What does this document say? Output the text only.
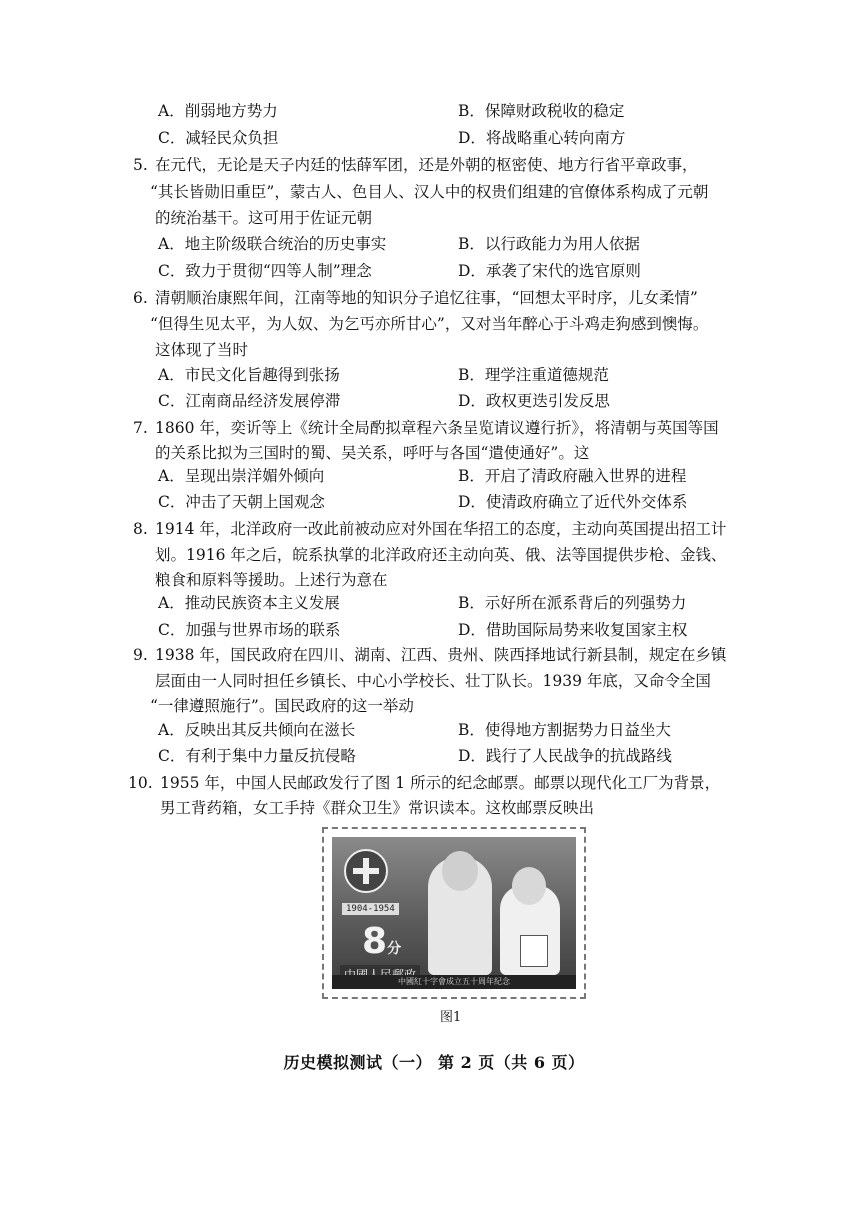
A．削弱地方势力	B．保障财政税收的稳定
C．减轻民众负担	D．将战略重心转向南方
5. 在元代，无论是天子内廷的怯薛军团，还是外朝的枢密使、地方行省平章政事，
“其长皆勋旧重臣”，蒙古人、色目人、汉人中的权贵们组建的官僚体系构成了元朝
的统治基干。这可用于佐证元朝
A．地主阶级联合统治的历史事实	B．以行政能力为用人依据
C．致力于贯彻“四等人制”理念	D．承袭了宋代的选官原则
6. 清朝顺治康熙年间，江南等地的知识分子追忆往事，“回想太平时序，儿女柔情”
“但得生见太平，为人奴、为乞丐亦所甘心”，又对当年醉心于斗鸡走狗感到懊悔。
这体现了当时
A．市民文化旨趣得到张扬	B．理学注重道德规范
C．江南商品经济发展停滞	D．政权更迭引发反思
7. 1860 年，奕䜣等上《统计全局酌拟章程六条呈览请议遵行折》，将清朝与英国等国
的关系比拟为三国时的蜀、吴关系，呼吁与各国“遣使通好”。这
A．呈现出崇洋媚外倾向	B．开启了清政府融入世界的进程
C．冲击了天朝上国观念	D．使清政府确立了近代外交体系
8. 1914 年，北洋政府一改此前被动应对外国在华招工的态度，主动向英国提出招工计
划。1916 年之后，皖系执掌的北洋政府还主动向英、俄、法等国提供步枪、金钱、
粮食和原料等援助。上述行为意在
A．推动民族资本主义发展	B．示好所在派系背后的列强势力
C．加强与世界市场的联系	D．借助国际局势来收复国家主权
9. 1938 年，国民政府在四川、湖南、江西、贵州、陕西择地试行新县制，规定在乡镇
层面由一人同时担任乡镇长、中心小学校长、壮丁队长。1939 年底，又命令全国
“一律遵照施行”。国民政府的这一举动
A．反映出其反共倾向在滋长	B．使得地方割据势力日益坐大
C．有利于集中力量反抗侵略	D．践行了人民战争的抗战路线
10. 1955 年，中国人民邮政发行了图 1 所示的纪念邮票。邮票以现代化工厂为背景，
男工背药箱，女工手持《群众卫生》常识读本。这枚邮票反映出
1904-1954
8分
中國紅十字會成立五十周年紀念
图1
历史模拟测试（一） 第 2 页（共 6 页）
